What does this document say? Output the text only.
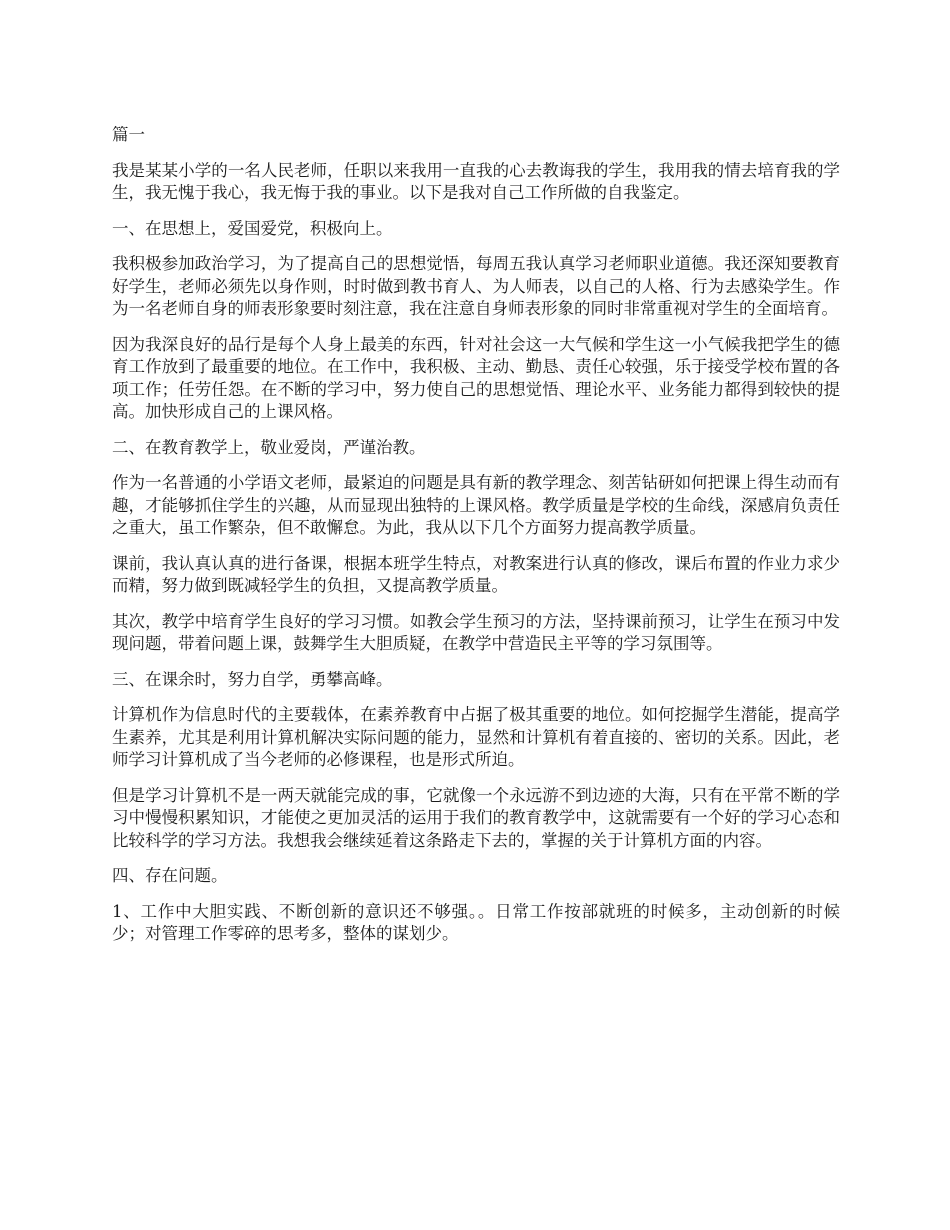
篇一

我是某某小学的一名人民老师，任职以来我用一直我的心去教诲我的学生，我用我的情去培育我的学生，我无愧于我心，我无悔于我的事业。以下是我对自己工作所做的自我鉴定。

一、在思想上，爱国爱党，积极向上。

我积极参加政治学习，为了提高自己的思想觉悟，每周五我认真学习老师职业道德。我还深知要教育好学生，老师必须先以身作则，时时做到教书育人、为人师表，以自己的人格、行为去感染学生。作为一名老师自身的师表形象要时刻注意，我在注意自身师表形象的同时非常重视对学生的全面培育。

因为我深良好的品行是每个人身上最美的东西，针对社会这一大气候和学生这一小气候我把学生的德育工作放到了最重要的地位。在工作中，我积极、主动、勤恳、责任心较强，乐于接受学校布置的各项工作；任劳任怨。在不断的学习中，努力使自己的思想觉悟、理论水平、业务能力都得到较快的提高。加快形成自己的上课风格。

二、在教育教学上，敬业爱岗，严谨治教。

作为一名普通的小学语文老师，最紧迫的问题是具有新的教学理念、刻苦钻研如何把课上得生动而有趣，才能够抓住学生的兴趣，从而显现出独特的上课风格。教学质量是学校的生命线，深感肩负责任之重大，虽工作繁杂，但不敢懈怠。为此，我从以下几个方面努力提高教学质量。

课前，我认真认真的进行备课，根据本班学生特点，对教案进行认真的修改，课后布置的作业力求少而精，努力做到既减轻学生的负担，又提高教学质量。

其次，教学中培育学生良好的学习习惯。如教会学生预习的方法，坚持课前预习，让学生在预习中发现问题，带着问题上课，鼓舞学生大胆质疑，在教学中营造民主平等的学习氛围等。

三、在课余时，努力自学，勇攀高峰。

计算机作为信息时代的主要载体，在素养教育中占据了极其重要的地位。如何挖掘学生潜能，提高学生素养，尤其是利用计算机解决实际问题的能力，显然和计算机有着直接的、密切的关系。因此，老师学习计算机成了当今老师的必修课程，也是形式所迫。

但是学习计算机不是一两天就能完成的事，它就像一个永远游不到边迹的大海，只有在平常不断的学习中慢慢积累知识，才能使之更加灵活的运用于我们的教育教学中，这就需要有一个好的学习心态和比较科学的学习方法。我想我会继续延着这条路走下去的，掌握的关于计算机方面的内容。

四、存在问题。

1、工作中大胆实践、不断创新的意识还不够强。。日常工作按部就班的时候多，主动创新的时候少；对管理工作零碎的思考多，整体的谋划少。
